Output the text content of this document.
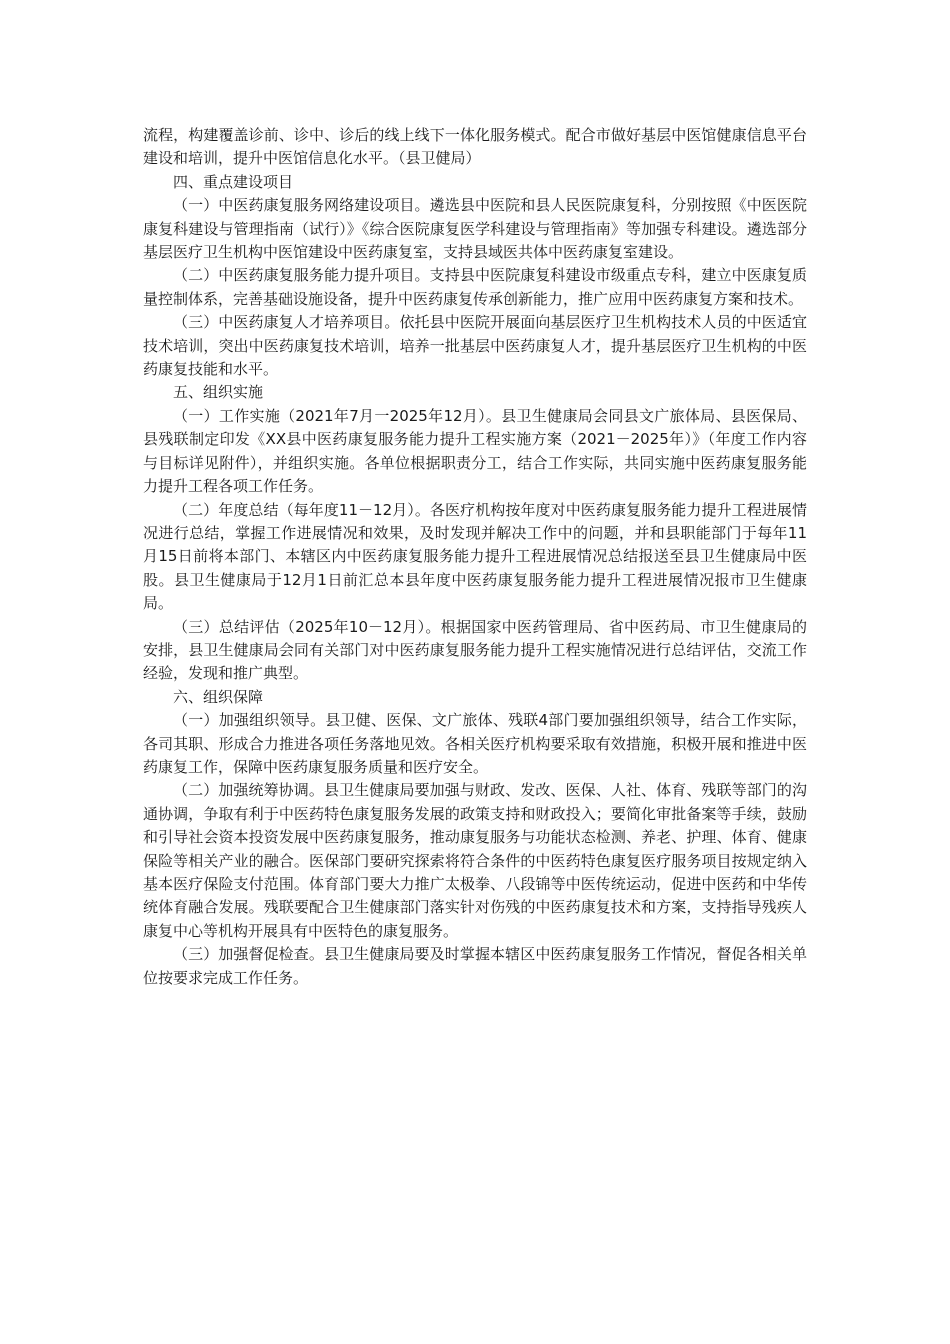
流程，构建覆盖诊前、诊中、诊后的线上线下一体化服务模式。配合市做好基层中医馆健康信息平台建设和培训，提升中医馆信息化水平。（县卫健局）

四、重点建设项目

（一）中医药康复服务网络建设项目。遴选县中医院和县人民医院康复科，分别按照《中医医院康复科建设与管理指南（试行）》《综合医院康复医学科建设与管理指南》等加强专科建设。遴选部分基层医疗卫生机构中医馆建设中医药康复室，支持县域医共体中医药康复室建设。

（二）中医药康复服务能力提升项目。支持县中医院康复科建设市级重点专科，建立中医康复质量控制体系，完善基础设施设备，提升中医药康复传承创新能力，推广应用中医药康复方案和技术。

（三）中医药康复人才培养项目。依托县中医院开展面向基层医疗卫生机构技术人员的中医适宜技术培训，突出中医药康复技术培训，培养一批基层中医药康复人才，提升基层医疗卫生机构的中医药康复技能和水平。

五、组织实施

（一）工作实施（2021年7月一2025年12月）。县卫生健康局会同县文广旅体局、县医保局、县残联制定印发《XX县中医药康复服务能力提升工程实施方案（2021－2025年）》（年度工作内容与目标详见附件），并组织实施。各单位根据职责分工，结合工作实际，共同实施中医药康复服务能力提升工程各项工作任务。

（二）年度总结（每年度11－12月）。各医疗机构按年度对中医药康复服务能力提升工程进展情况进行总结，掌握工作进展情况和效果，及时发现并解决工作中的问题，并和县职能部门于每年11月15日前将本部门、本辖区内中医药康复服务能力提升工程进展情况总结报送至县卫生健康局中医股。县卫生健康局于12月1日前汇总本县年度中医药康复服务能力提升工程进展情况报市卫生健康局。

（三）总结评估（2025年10－12月）。根据国家中医药管理局、省中医药局、市卫生健康局的安排，县卫生健康局会同有关部门对中医药康复服务能力提升工程实施情况进行总结评估，交流工作经验，发现和推广典型。

六、组织保障

（一）加强组织领导。县卫健、医保、文广旅体、残联4部门要加强组织领导，结合工作实际，各司其职、形成合力推进各项任务落地见效。各相关医疗机构要采取有效措施，积极开展和推进中医药康复工作，保障中医药康复服务质量和医疗安全。

（二）加强统筹协调。县卫生健康局要加强与财政、发改、医保、人社、体育、残联等部门的沟通协调，争取有利于中医药特色康复服务发展的政策支持和财政投入；要简化审批备案等手续，鼓励和引导社会资本投资发展中医药康复服务，推动康复服务与功能状态检测、养老、护理、体育、健康保险等相关产业的融合。医保部门要研究探索将符合条件的中医药特色康复医疗服务项目按规定纳入基本医疗保险支付范围。体育部门要大力推广太极拳、八段锦等中医传统运动，促进中医药和中华传统体育融合发展。残联要配合卫生健康部门落实针对伤残的中医药康复技术和方案，支持指导残疾人康复中心等机构开展具有中医特色的康复服务。

（三）加强督促检查。县卫生健康局要及时掌握本辖区中医药康复服务工作情况，督促各相关单位按要求完成工作任务。
